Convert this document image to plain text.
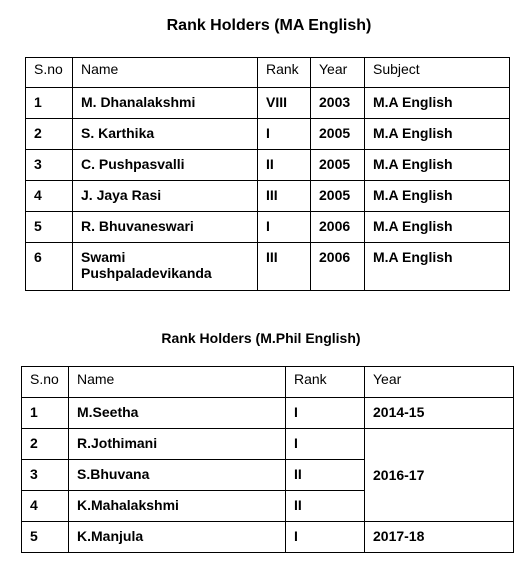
Rank Holders (MA English)
S.no	Name	Rank	Year	Subject
1	M. Dhanalakshmi	VIII	2003	M.A English
2	S. Karthika	I	2005	M.A English
3	C. Pushpasvalli	II	2005	M.A English
4	J. Jaya Rasi	III	2005	M.A English
5	R. Bhuvaneswari	I	2006	M.A English
6	Swami Pushpaladevikanda	III	2006	M.A English
Rank Holders (M.Phil English)
S.no	Name	Rank	Year
1	M.Seetha	I	2014-15
2	R.Jothimani	I	2016-17
3	S.Bhuvana	II	
4	K.Mahalakshmi	II	
5	K.Manjula	I	2017-18
